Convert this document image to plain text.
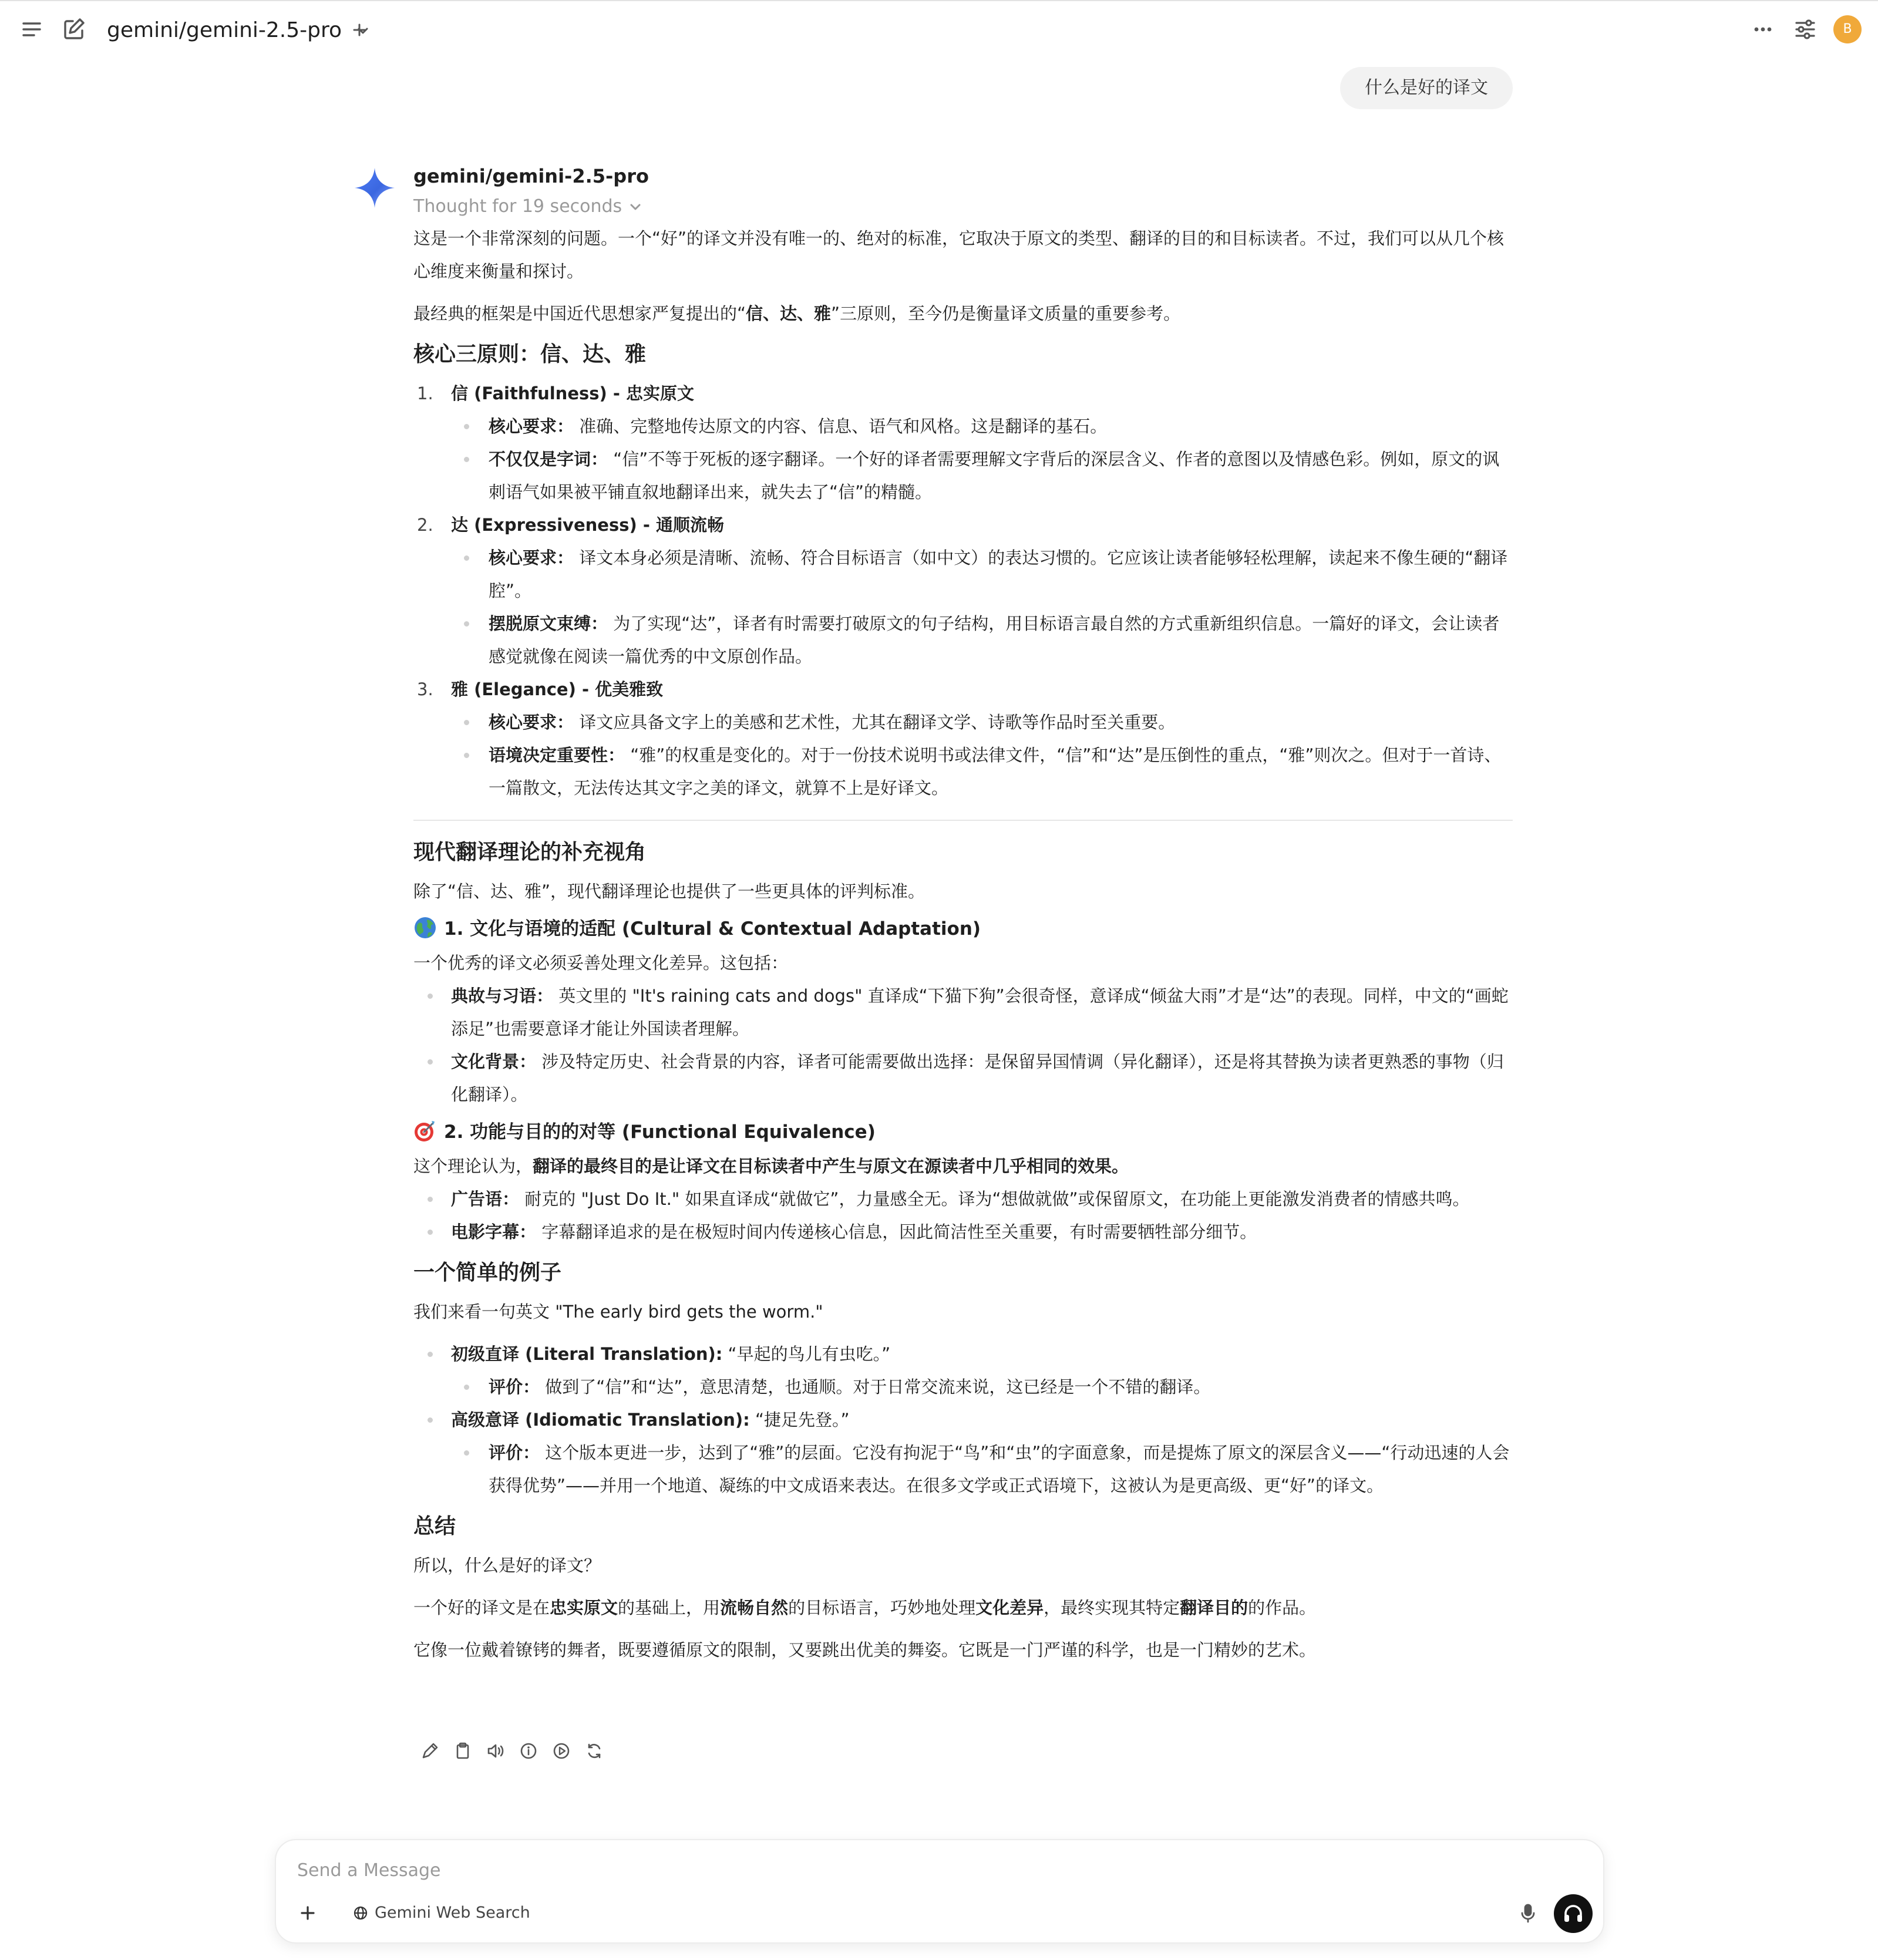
gemini/gemini-2.5-pro	B
什么是好的译文
gemini/gemini-2.5-pro
Thought for 19 seconds

这是一个非常深刻的问题。一个“好”的译文并没有唯一的、绝对的标准，它取决于原文的类型、翻译的目的和目标读者。不过，我们可以从几个核心维度来衡量和探讨。

最经典的框架是中国近代思想家严复提出的“信、达、雅”三原则，至今仍是衡量译文质量的重要参考。

核心三原则：信、达、雅
1. 信 (Faithfulness) - 忠实原文
核心要求： 准确、完整地传达原文的内容、信息、语气和风格。这是翻译的基石。
不仅仅是字词： “信”不等于死板的逐字翻译。一个好的译者需要理解文字背后的深层含义、作者的意图以及情感色彩。例如，原文的讽刺语气如果被平铺直叙地翻译出来，就失去了“信”的精髓。
2. 达 (Expressiveness) - 通顺流畅
核心要求： 译文本身必须是清晰、流畅、符合目标语言（如中文）的表达习惯的。它应该让读者能够轻松理解，读起来不像生硬的“翻译腔”。
摆脱原文束缚： 为了实现“达”，译者有时需要打破原文的句子结构，用目标语言最自然的方式重新组织信息。一篇好的译文，会让读者感觉就像在阅读一篇优秀的中文原创作品。
3. 雅 (Elegance) - 优美雅致
核心要求： 译文应具备文字上的美感和艺术性，尤其在翻译文学、诗歌等作品时至关重要。
语境决定重要性： “雅”的权重是变化的。对于一份技术说明书或法律文件，“信”和“达”是压倒性的重点，“雅”则次之。但对于一首诗、一篇散文，无法传达其文字之美的译文，就算不上是好译文。
现代翻译理论的补充视角

除了“信、达、雅”，现代翻译理论也提供了一些更具体的评判标准。

1. 文化与语境的适配 (Cultural & Contextual Adaptation)

一个优秀的译文必须妥善处理文化差异。这包括：

典故与习语： 英文里的 "It's raining cats and dogs" 直译成“下猫下狗”会很奇怪，意译成“倾盆大雨”才是“达”的表现。同样，中文的“画蛇添足”也需要意译才能让外国读者理解。
文化背景： 涉及特定历史、社会背景的内容，译者可能需要做出选择：是保留异国情调（异化翻译），还是将其替换为读者更熟悉的事物（归化翻译）。
2. 功能与目的的对等 (Functional Equivalence)

这个理论认为，翻译的最终目的是让译文在目标读者中产生与原文在源读者中几乎相同的效果。

广告语： 耐克的 "Just Do It." 如果直译成“就做它”，力量感全无。译为“想做就做”或保留原文，在功能上更能激发消费者的情感共鸣。
电影字幕： 字幕翻译追求的是在极短时间内传递核心信息，因此简洁性至关重要，有时需要牺牲部分细节。
一个简单的例子

我们来看一句英文 "The early bird gets the worm."

初级直译 (Literal Translation): “早起的鸟儿有虫吃。”
评价： 做到了“信”和“达”，意思清楚，也通顺。对于日常交流来说，这已经是一个不错的翻译。
高级意译 (Idiomatic Translation): “捷足先登。”
评价： 这个版本更进一步，达到了“雅”的层面。它没有拘泥于“鸟”和“虫”的字面意象，而是提炼了原文的深层含义——“行动迅速的人会获得优势”——并用一个地道、凝练的中文成语来表达。在很多文学或正式语境下，这被认为是更高级、更“好”的译文。
总结

所以，什么是好的译文？

一个好的译文是在忠实原文的基础上，用流畅自然的目标语言，巧妙地处理文化差异，最终实现其特定翻译目的的作品。

它像一位戴着镣铐的舞者，既要遵循原文的限制，又要跳出优美的舞姿。它既是一门严谨的科学，也是一门精妙的艺术。

Send a Message
Gemini Web Search
